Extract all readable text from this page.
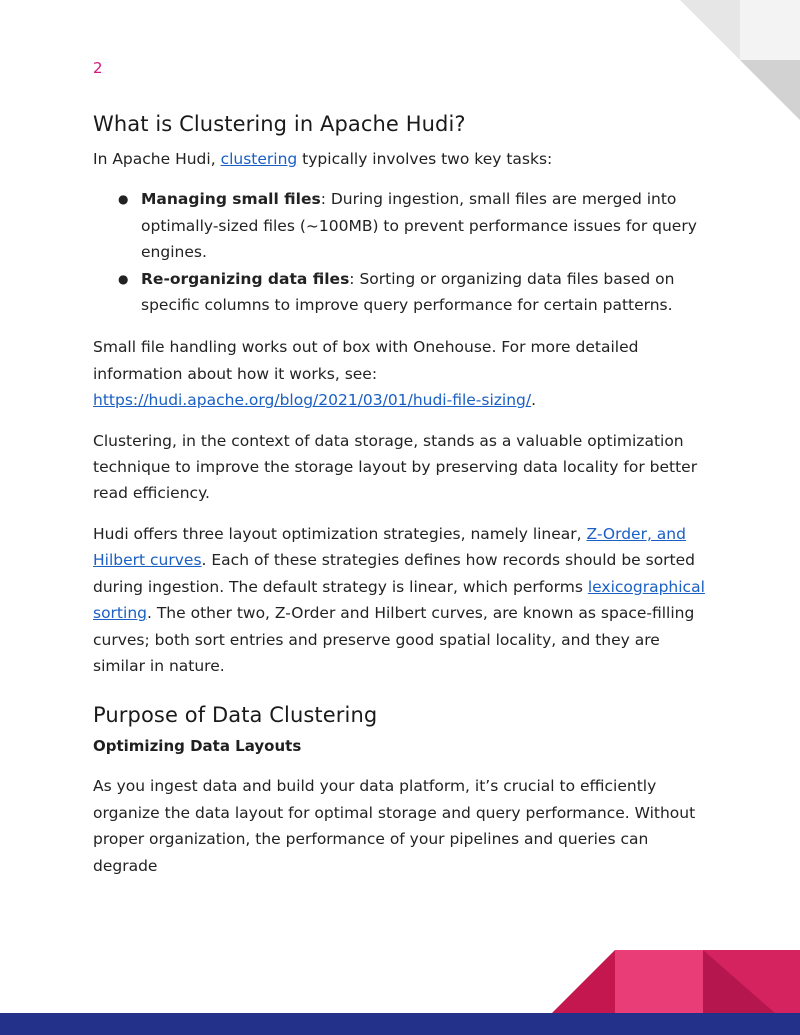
2
What is Clustering in Apache Hudi?

In Apache Hudi, clustering typically involves two key tasks:

● Managing small files: During ingestion, small files are merged into optimally-sized files (~100MB) to prevent performance issues for query engines.
● Re-organizing data files: Sorting or organizing data files based on specific columns to improve query performance for certain patterns.

Small file handling works out of box with Onehouse. For more detailed information about how it works, see: https://hudi.apache.org/blog/2021/03/01/hudi-file-sizing/.

Clustering, in the context of data storage, stands as a valuable optimization technique to improve the storage layout by preserving data locality for better read efficiency.

Hudi offers three layout optimization strategies, namely linear, Z-Order, and Hilbert curves. Each of these strategies defines how records should be sorted during ingestion. The default strategy is linear, which performs lexicographical sorting. The other two, Z-Order and Hilbert curves, are known as space-filling curves; both sort entries and preserve good spatial locality, and they are similar in nature.

Purpose of Data Clustering
Optimizing Data Layouts

As you ingest data and build your data platform, it’s crucial to efficiently organize the data layout for optimal storage and query performance. Without proper organization, the performance of your pipelines and queries can degrade
